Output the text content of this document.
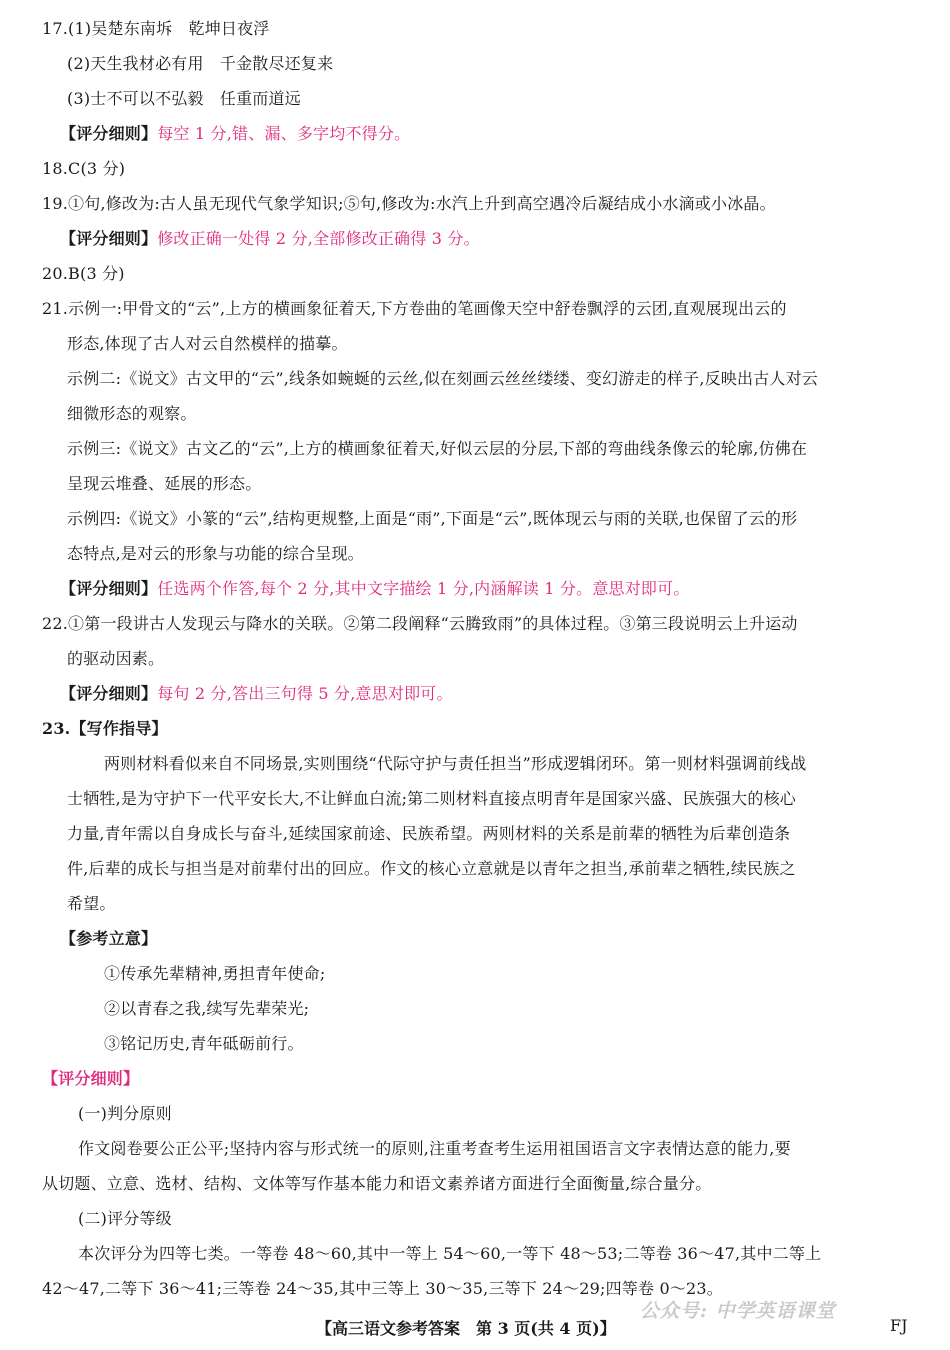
17.(1)吴楚东南坼　乾坤日夜浮
(2)天生我材必有用　千金散尽还复来
(3)士不可以不弘毅　任重而道远
【评分细则】每空 1 分,错、漏、多字均不得分。
18.C(3 分)
19.①句,修改为:古人虽无现代气象学知识;⑤句,修改为:水汽上升到高空遇冷后凝结成小水滴或小冰晶。
【评分细则】修改正确一处得 2 分,全部修改正确得 3 分。
20.B(3 分)
21.示例一:甲骨文的“云”,上方的横画象征着天,下方卷曲的笔画像天空中舒卷飘浮的云团,直观展现出云的
形态,体现了古人对云自然模样的描摹。
示例二:《说文》古文甲的“云”,线条如蜿蜒的云丝,似在刻画云丝丝缕缕、变幻游走的样子,反映出古人对云
细微形态的观察。
示例三:《说文》古文乙的“云”,上方的横画象征着天,好似云层的分层,下部的弯曲线条像云的轮廓,仿佛在
呈现云堆叠、延展的形态。
示例四:《说文》小篆的“云”,结构更规整,上面是“雨”,下面是“云”,既体现云与雨的关联,也保留了云的形
态特点,是对云的形象与功能的综合呈现。
【评分细则】任选两个作答,每个 2 分,其中文字描绘 1 分,内涵解读 1 分。意思对即可。
22.①第一段讲古人发现云与降水的关联。②第二段阐释“云腾致雨”的具体过程。③第三段说明云上升运动
的驱动因素。
【评分细则】每句 2 分,答出三句得 5 分,意思对即可。
23.【写作指导】
两则材料看似来自不同场景,实则围绕“代际守护与责任担当”形成逻辑闭环。第一则材料强调前线战
士牺牲,是为守护下一代平安长大,不让鲜血白流;第二则材料直接点明青年是国家兴盛、民族强大的核心
力量,青年需以自身成长与奋斗,延续国家前途、民族希望。两则材料的关系是前辈的牺牲为后辈创造条
件,后辈的成长与担当是对前辈付出的回应。作文的核心立意就是以青年之担当,承前辈之牺牲,续民族之
希望。
【参考立意】
①传承先辈精神,勇担青年使命;
②以青春之我,续写先辈荣光;
③铭记历史,青年砥砺前行。
【评分细则】
(一)判分原则
作文阅卷要公正公平;坚持内容与形式统一的原则,注重考查考生运用祖国语言文字表情达意的能力,要
从切题、立意、选材、结构、文体等写作基本能力和语文素养诸方面进行全面衡量,综合量分。
(二)评分等级
本次评分为四等七类。一等卷 48～60,其中一等上 54～60,一等下 48～53;二等卷 36～47,其中二等上
42～47,二等下 36～41;三等卷 24～35,其中三等上 30～35,三等下 24～29;四等卷 0～23。
公众号: 中学英语课堂
【高三语文参考答案　第 3 页(共 4 页)】	FJ
